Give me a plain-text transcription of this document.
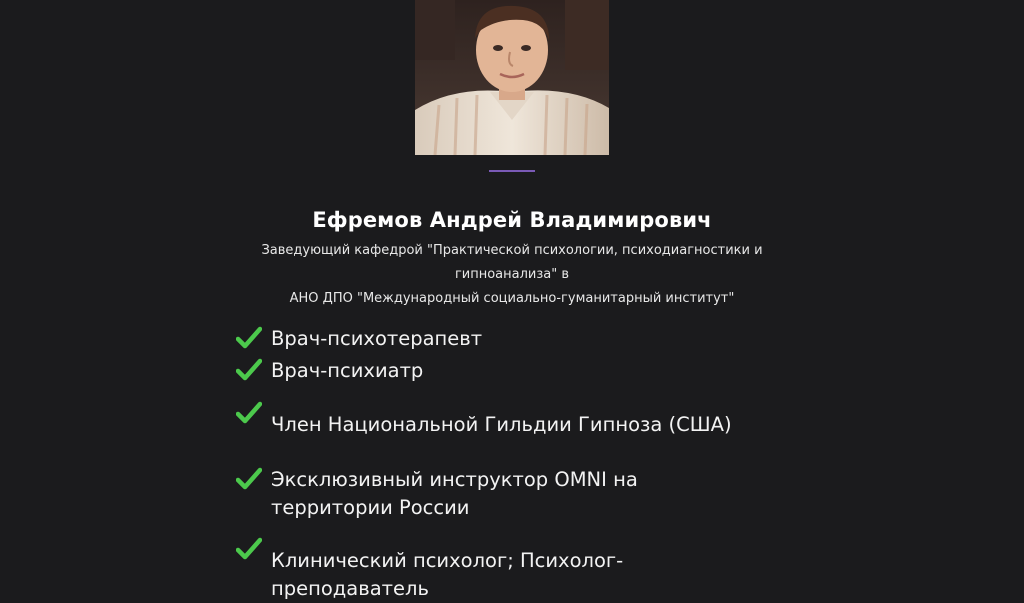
Ефремов Андрей Владимирович
Заведующий кафедрой "Практической психологии, психодиагностики и
гипноанализа" в
АНО ДПО "Международный социально-гуманитарный институт"
Врач-психотерапевт
Врач-психиатр
Член Национальной Гильдии Гипноза (США)
Эксклюзивный инструктор OMNI на территории России
Клинический психолог; Психолог-преподаватель
